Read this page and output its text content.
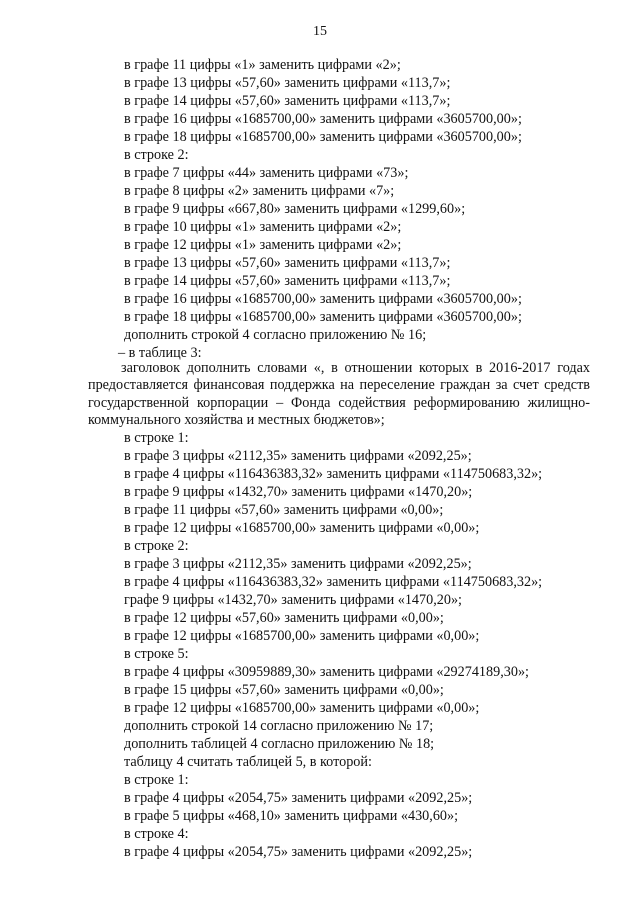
15
в графе 11 цифры «1» заменить цифрами «2»;
в графе 13 цифры «57,60» заменить цифрами «113,7»;
в графе 14 цифры «57,60» заменить цифрами «113,7»;
в графе 16 цифры «1685700,00» заменить цифрами «3605700,00»;
в графе 18 цифры «1685700,00» заменить цифрами «3605700,00»;
в строке 2:
в графе 7 цифры «44» заменить цифрами «73»;
в графе 8 цифры «2» заменить цифрами «7»;
в графе 9 цифры «667,80» заменить цифрами «1299,60»;
в графе 10 цифры «1» заменить цифрами «2»;
в графе 12 цифры «1» заменить цифрами «2»;
в графе 13 цифры «57,60» заменить цифрами «113,7»;
в графе 14 цифры «57,60» заменить цифрами «113,7»;
в графе 16 цифры «1685700,00» заменить цифрами «3605700,00»;
в графе 18 цифры «1685700,00» заменить цифрами «3605700,00»;
дополнить строкой 4 согласно приложению № 16;
– в таблице 3:
заголовок дополнить словами «, в отношении которых в 2016-2017 годах предоставляется финансовая поддержка на переселение граждан за счет средств государственной корпорации – Фонда содействия реформированию жилищно-коммунального хозяйства и местных бюджетов»;
в строке 1:
в графе 3 цифры «2112,35» заменить цифрами «2092,25»;
в графе 4 цифры «116436383,32» заменить цифрами «114750683,32»;
в графе 9 цифры «1432,70» заменить цифрами «1470,20»;
в графе 11 цифры «57,60» заменить цифрами «0,00»;
в графе 12 цифры «1685700,00» заменить цифрами «0,00»;
в строке 2:
в графе 3 цифры «2112,35» заменить цифрами «2092,25»;
в графе 4 цифры «116436383,32» заменить цифрами «114750683,32»;
графе 9 цифры «1432,70» заменить цифрами «1470,20»;
в графе 12 цифры «57,60» заменить цифрами «0,00»;
в графе 12 цифры «1685700,00» заменить цифрами «0,00»;
в строке 5:
в графе 4 цифры «30959889,30» заменить цифрами «29274189,30»;
в графе 15 цифры «57,60» заменить цифрами «0,00»;
в графе 12 цифры «1685700,00» заменить цифрами «0,00»;
дополнить строкой 14 согласно приложению № 17;
дополнить таблицей 4 согласно приложению № 18;
таблицу 4 считать таблицей 5, в которой:
в строке 1:
в графе 4 цифры «2054,75» заменить цифрами «2092,25»;
в графе 5 цифры «468,10» заменить цифрами «430,60»;
в строке 4:
в графе 4 цифры «2054,75» заменить цифрами «2092,25»;
